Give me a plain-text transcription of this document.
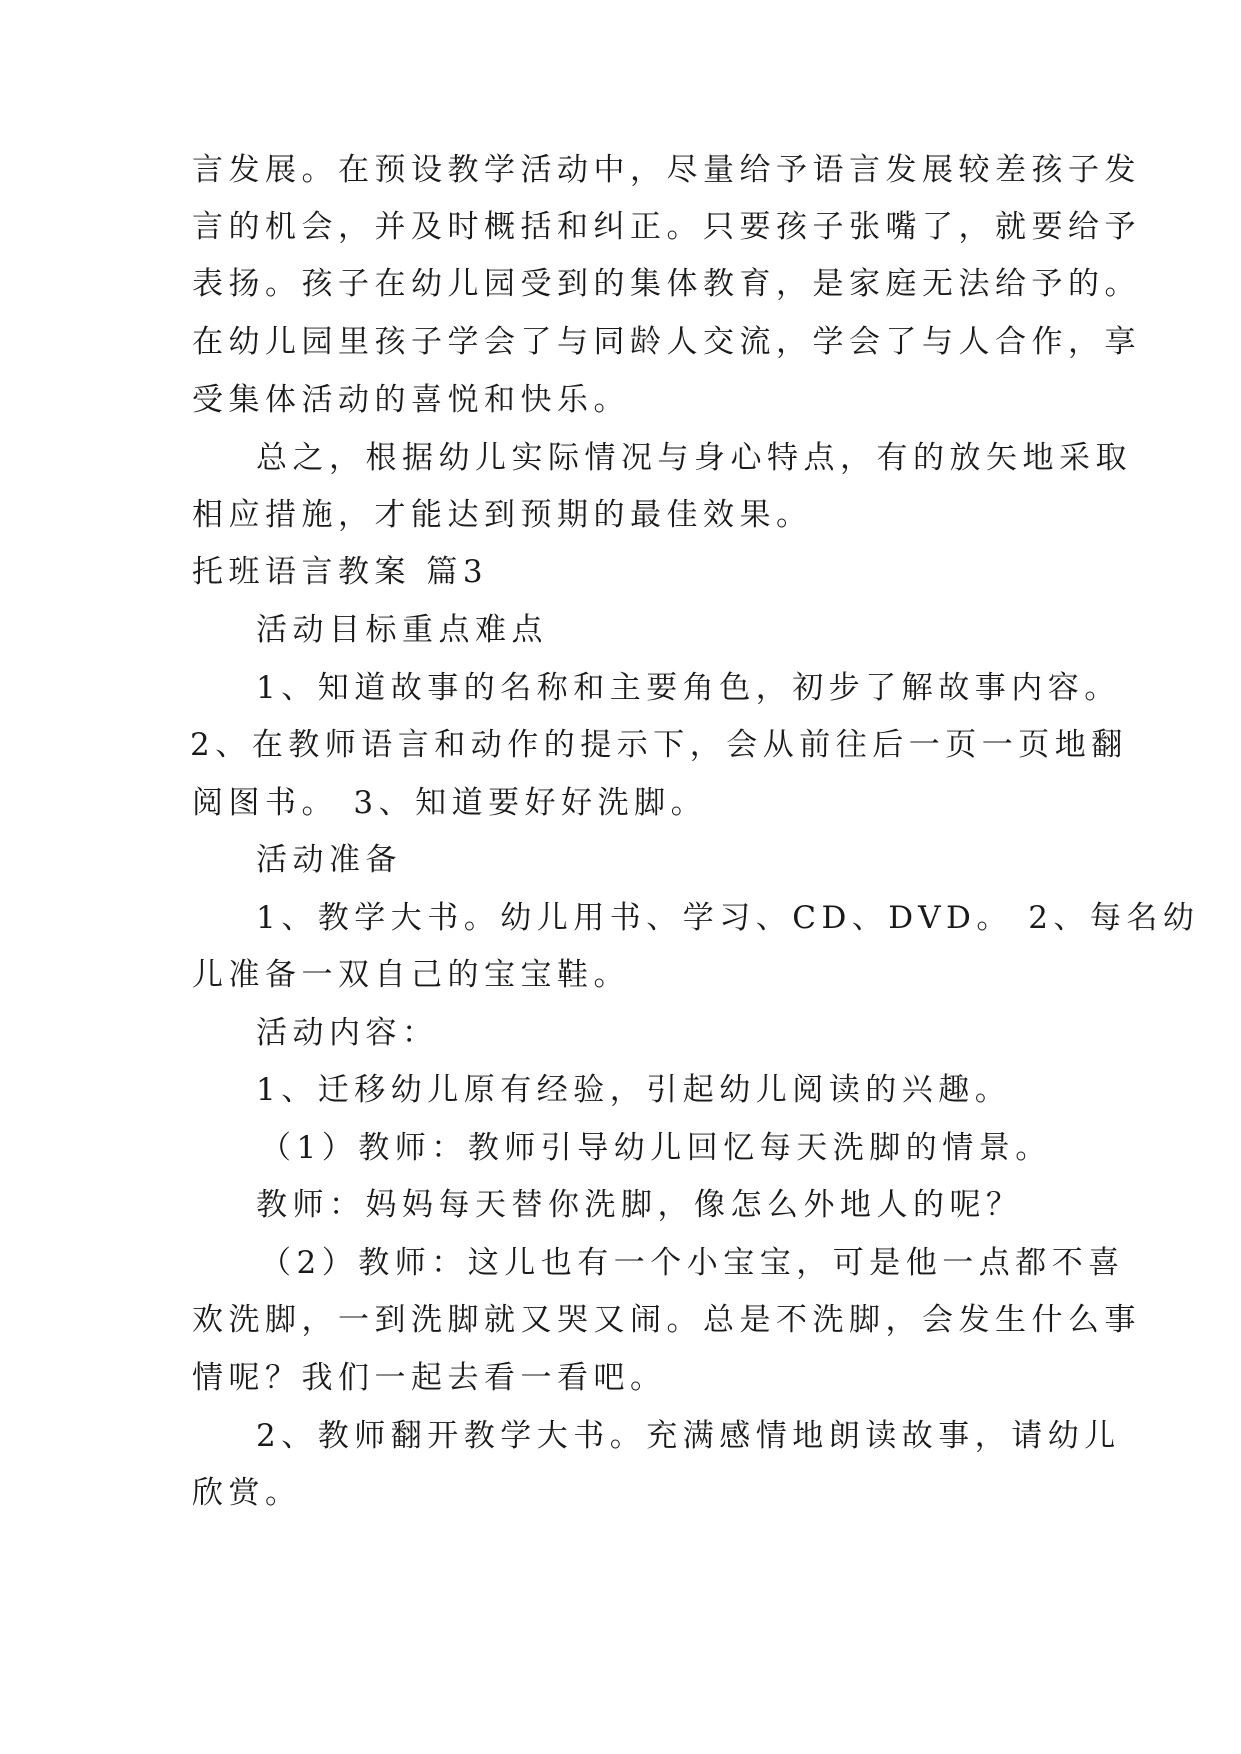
言发展。在预设教学活动中，尽量给予语言发展较差孩子发
言的机会，并及时概括和纠正。只要孩子张嘴了，就要给予
表扬。孩子在幼儿园受到的集体教育，是家庭无法给予的。
在幼儿园里孩子学会了与同龄人交流，学会了与人合作，享
受集体活动的喜悦和快乐。
总之，根据幼儿实际情况与身心特点，有的放矢地采取
相应措施，才能达到预期的最佳效果。
托班语言教案 篇3
活动目标重点难点
1、知道故事的名称和主要角色，初步了解故事内容。
2、在教师语言和动作的提示下，会从前往后一页一页地翻
阅图书。 3、知道要好好洗脚。
活动准备
1、教学大书。幼儿用书、学习、CD、DVD。 2、每名幼
儿准备一双自己的宝宝鞋。
活动内容：
1、迁移幼儿原有经验，引起幼儿阅读的兴趣。
（1）教师：教师引导幼儿回忆每天洗脚的情景。
教师：妈妈每天替你洗脚，像怎么外地人的呢？
（2）教师：这儿也有一个小宝宝，可是他一点都不喜
欢洗脚，一到洗脚就又哭又闹。总是不洗脚，会发生什么事
情呢？我们一起去看一看吧。
2、教师翻开教学大书。充满感情地朗读故事，请幼儿
欣赏。
